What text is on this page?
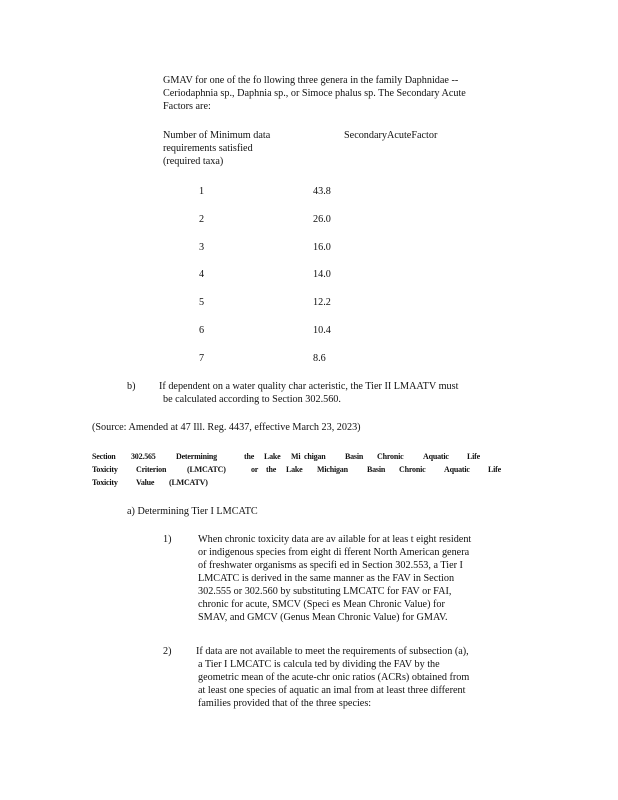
GMAV for one of the fo llowing three genera in the family Daphnidae --
Ceriodaphnia sp., Daphnia sp., or Simoce phalus sp. The Secondary Acute
Factors are:
Number of Minimum data
requirements satisfied
(required taxa)
SecondaryAcuteFactor
1	43.8
2	26.0
3	16.0
4	14.0
5	12.2
6	10.4
7	8.6
b) If dependent on a water quality char acteristic, the Tier II LMAATV must
be calculated according to Section 302.560.
(Source: Amended at 47 Ill. Reg. 4437, effective March 23, 2023)
Section 302.565	Determining	the Lake Mi chigan Basin Chronic Aquatic Life
Toxicity Criterion	(LMCATC)	or the Lake Michigan Basin Chronic Aquatic Life
Toxicity Value (LMCATV)
a) Determining Tier I LMCATC
1)	When chronic toxicity data are av ailable for at leas t eight resident
or indigenous species from eight di fferent North American genera
of freshwater organisms as specifi ed in Section 302.553, a Tier I
LMCATC is derived in the same manner as the FAV in Section
302.555 or 302.560 by substituting LMCATC for FAV or FAI,
chronic for acute, SMCV (Speci es Mean Chronic Value) for
SMAV, and GMCV (Genus Mean Chronic Value) for GMAV.
2) If data are not available to meet the requirements of subsection (a),
a Tier I LMCATC is calcula ted by dividing the FAV by the
geometric mean of the acute-chr onic ratios (ACRs) obtained from
at least one species of aquatic an imal from at least three different
families provided that of the three species:
